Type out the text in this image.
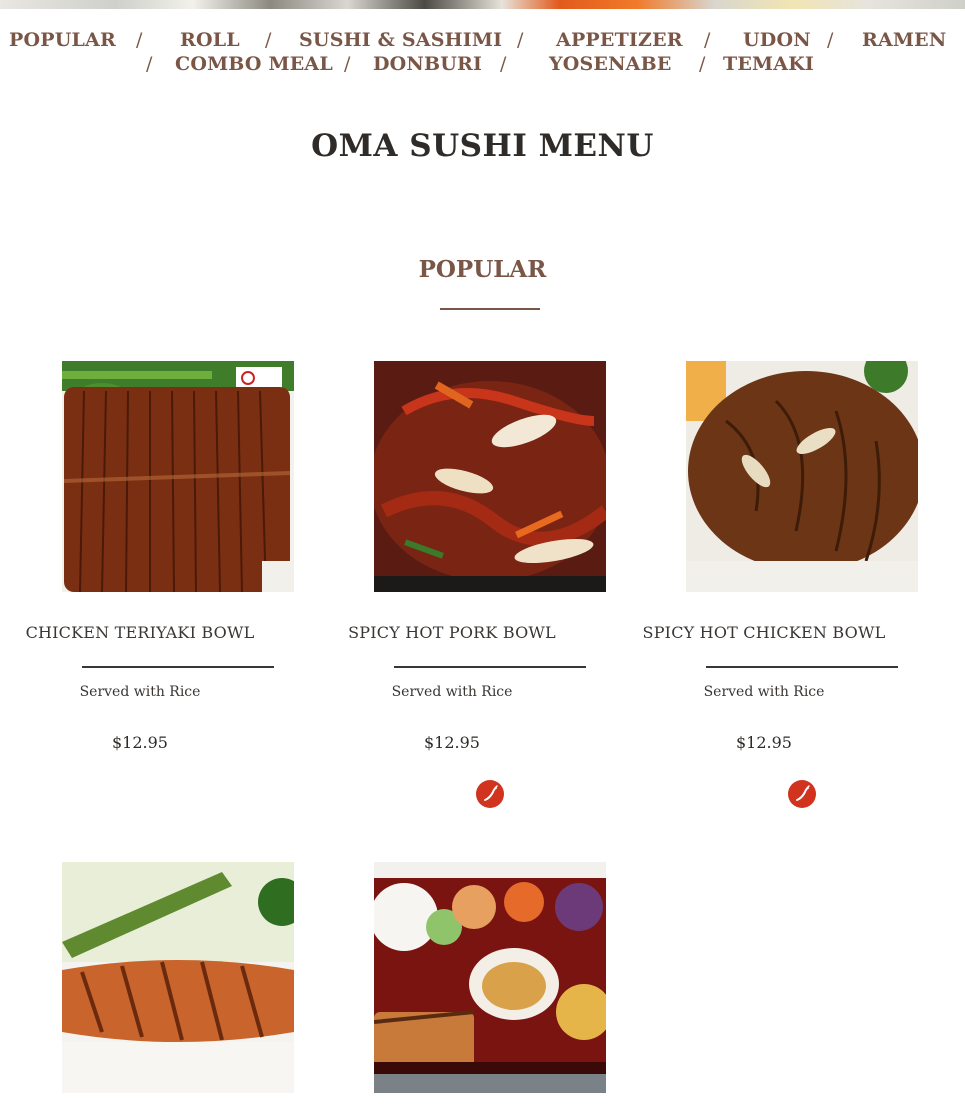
POPULAR / ROLL / SUSHI & SASHIMI / APPETIZER / UDON / RAMEN
/ COMBO MEAL / DONBURI / YOSENABE / TEMAKI
OMA SUSHI MENU
POPULAR
CHICKEN TERIYAKI BOWL
Served with Rice
$12.95
SPICY HOT PORK BOWL
Served with Rice
$12.95
SPICY HOT CHICKEN BOWL
Served with Rice
$12.95
